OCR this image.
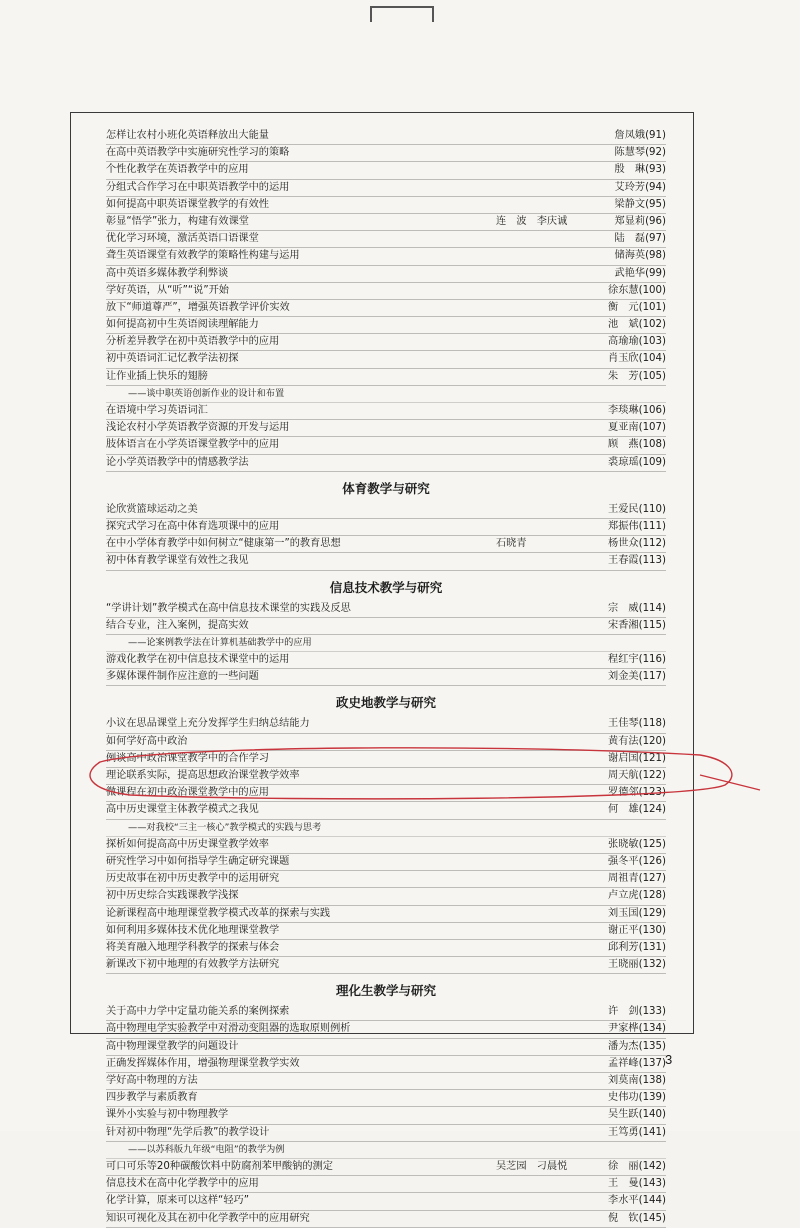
怎样让农村小班化英语释放出大能量	詹凤娥(91)
在高中英语教学中实施研究性学习的策略	陈慧琴(92)
个性化教学在英语教学中的应用	殷　琳(93)
分组式合作学习在中职英语教学中的运用	艾玲芳(94)
如何提高中职英语课堂教学的有效性	梁静文(95)
彰显“悟学”张力，构建有效课堂	连　波　李庆诚	郑显莉(96)
优化学习环境，激活英语口语课堂	陆　磊(97)
聋生英语课堂有效教学的策略性构建与运用	储海英(98)
高中英语多媒体教学利弊谈	武艳华(99)
学好英语，从“听”“说”开始	徐东慧(100)
放下“师道尊严”，增强英语教学评价实效	衡　元(101)
如何提高初中生英语阅读理解能力	池　斌(102)
分析差异教学在初中英语教学中的应用	高瑜瑜(103)
初中英语词汇记忆教学法初探	肖玉欣(104)
让作业插上快乐的翅膀	朱　芳(105)
——谈中职英语创新作业的设计和布置
在语境中学习英语词汇	李琰琳(106)
浅论农村小学英语教学资源的开发与运用	夏亚南(107)
肢体语言在小学英语课堂教学中的应用	顾　燕(108)
论小学英语教学中的情感教学法	裘琼瑶(109)
体育教学与研究
论欣赏篮球运动之美	王爱民(110)
探究式学习在高中体育选项课中的应用	郑振伟(111)
在中小学体育教学中如何树立“健康第一”的教育思想	石晓青	杨世众(112)
初中体育教学课堂有效性之我见	王春霞(113)
信息技术教学与研究
“学讲计划”教学模式在高中信息技术课堂的实践及反思	宗　威(114)
结合专业，注入案例，提高实效	宋香湘(115)
——论案例教学法在计算机基础教学中的应用
游戏化教学在初中信息技术课堂中的运用	程红宇(116)
多媒体课件制作应注意的一些问题	刘金美(117)
政史地教学与研究
小议在思品课堂上充分发挥学生归纳总结能力	王佳琴(118)
如何学好高中政治	黄有法(120)
例谈高中政治课堂教学中的合作学习	谢启国(121)
理论联系实际，提高思想政治课堂教学效率	周天航(122)
微课程在初中政治课堂教学中的应用	罗德邻(123)
高中历史课堂主体教学模式之我见	何　雄(124)
——对我校“三主一核心”教学模式的实践与思考
探析如何提高高中历史课堂教学效率	张晓敏(125)
研究性学习中如何指导学生确定研究课题	强冬平(126)
历史故事在初中历史教学中的运用研究	周祖青(127)
初中历史综合实践课教学浅探	卢立虎(128)
论新课程高中地理课堂教学模式改革的探索与实践	刘玉国(129)
如何利用多媒体技术优化地理课堂教学	谢正平(130)
将美育融入地理学科教学的探索与体会	邱利芳(131)
新课改下初中地理的有效教学方法研究	王晓丽(132)
理化生教学与研究
关于高中力学中定量功能关系的案例探索	许　剑(133)
高中物理电学实验教学中对滑动变阻器的选取原则例析	尹家桦(134)
高中物理课堂教学的问题设计	潘为杰(135)
正确发挥媒体作用，增强物理课堂教学实效	孟祥峰(137)
学好高中物理的方法	刘莫南(138)
四步教学与素质教育	史伟功(139)
课外小实验与初中物理教学	吴生跃(140)
针对初中物理“先学后教”的教学设计	王笃勇(141)
——以苏科版九年级“电阻”的教学为例
可口可乐等20种碳酸饮料中防腐剂苯甲酸钠的测定	吴芝园　刁晨悦	徐　丽(142)
信息技术在高中化学教学中的应用	王　曼(143)
化学计算，原来可以这样“轻巧”	李水平(144)
知识可视化及其在初中化学教学中的应用研究	倪　钦(145)
3
